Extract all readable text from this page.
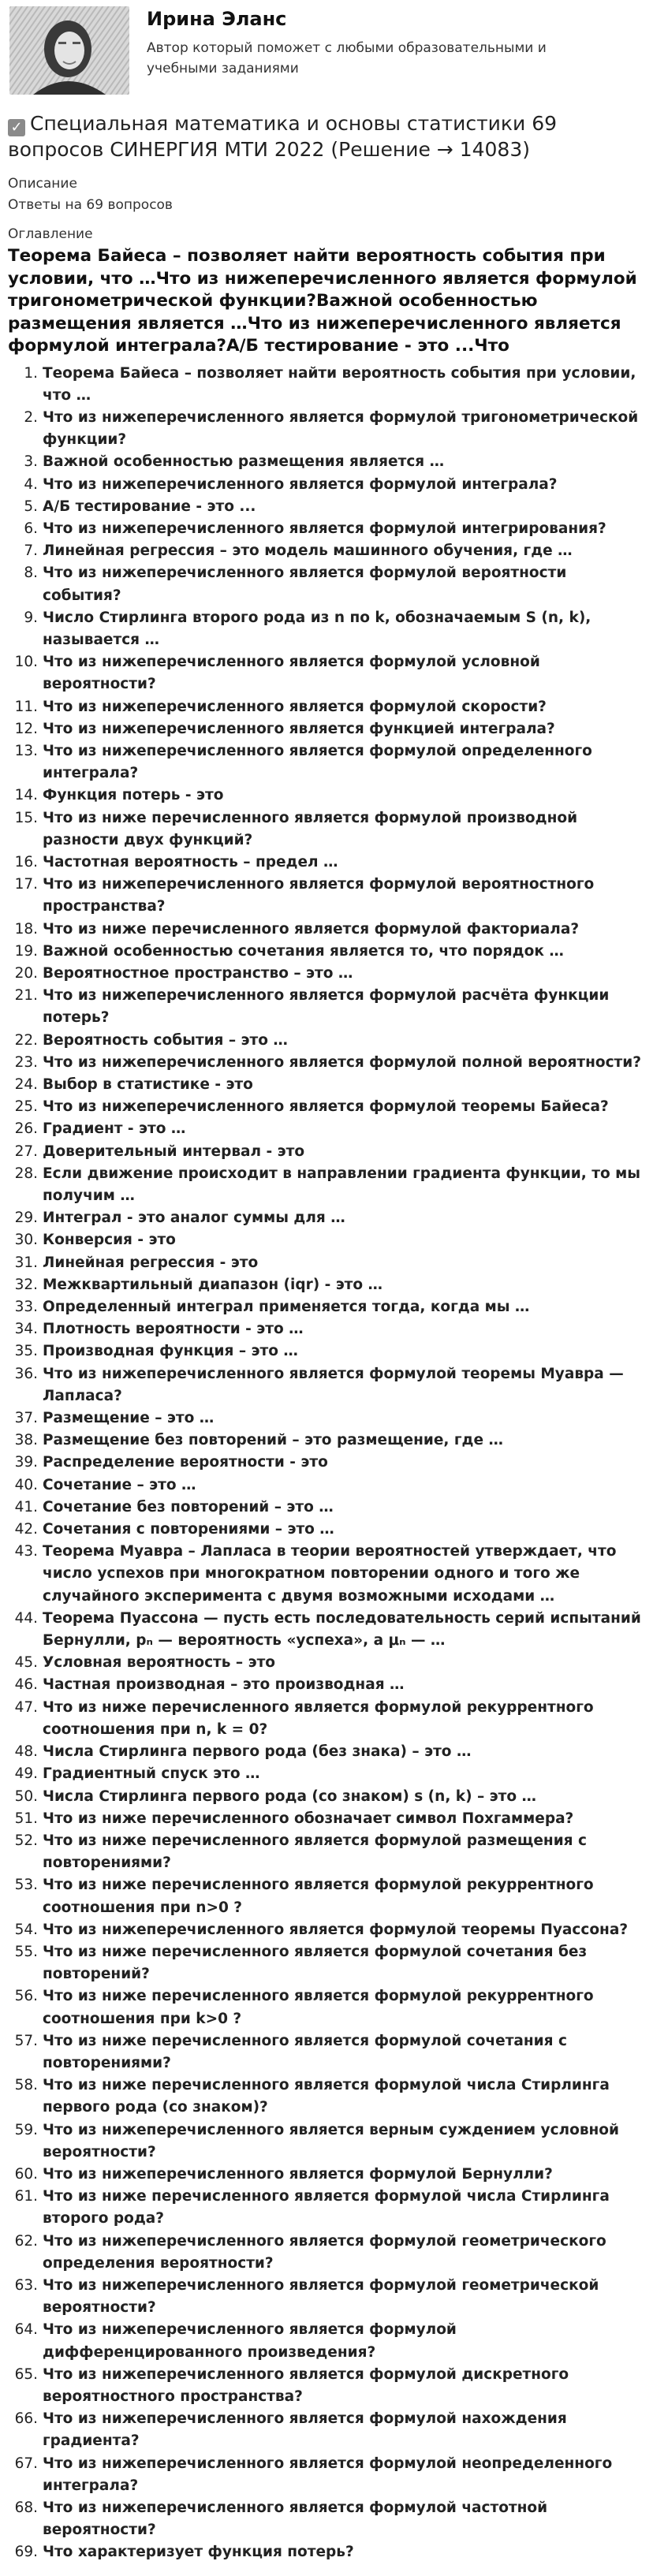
Ирина Эланс
Автор который поможет с любыми образовательными и учебными заданиями
✓ Специальная математика и основы статистики 69 вопросов СИНЕРГИЯ МТИ 2022 (Решение → 14083)
Описание
Ответы на 69 вопросов
Оглавление
Теорема Байеса – позволяет найти вероятность события при условии, что …Что из нижеперечисленного является формулой тригонометрической функции?Важной особенностью размещения является …Что из нижеперечисленного является формулой интеграла?А/Б тестирование - это ...Что
1. Теорема Байеса – позволяет найти вероятность события при условии, что …
2. Что из нижеперечисленного является формулой тригонометрической функции?
3. Важной особенностью размещения является …
4. Что из нижеперечисленного является формулой интеграла?
5. А/Б тестирование - это ...
6. Что из нижеперечисленного является формулой интегрирования?
7. Линейная регрессия – это модель машинного обучения, где …
8. Что из нижеперечисленного является формулой вероятности события?
9. Число Стирлинга второго рода из n по k, обозначаемым S (n, k), называется …
10. Что из нижеперечисленного является формулой условной вероятности?
11. Что из нижеперечисленного является формулой скорости?
12. Что из нижеперечисленного является функцией интеграла?
13. Что из нижеперечисленного является формулой определенного интеграла?
14. Функция потерь - это
15. Что из ниже перечисленного является формулой производной разности двух функций?
16. Частотная вероятность – предел …
17. Что из нижеперечисленного является формулой вероятностного пространства?
18. Что из ниже перечисленного является формулой факториала?
19. Важной особенностью сочетания является то, что порядок …
20. Вероятностное пространство – это …
21. Что из нижеперечисленного является формулой расчёта функции потерь?
22. Вероятность события – это …
23. Что из нижеперечисленного является формулой полной вероятности?
24. Выбор в статистике - это
25. Что из нижеперечисленного является формулой теоремы Байеса?
26. Градиент - это …
27. Доверительный интервал - это
28. Если движение происходит в направлении градиента функции, то мы получим …
29. Интеграл - это аналог суммы для …
30. Конверсия - это
31. Линейная регрессия - это
32. Межквартильный диапазон (iqr) - это …
33. Определенный интеграл применяется тогда, когда мы …
34. Плотность вероятности - это …
35. Производная функция – это …
36. Что из нижеперечисленного является формулой теоремы Муавра — Лапласа?
37. Размещение – это …
38. Размещение без повторений – это размещение, где …
39. Распределение вероятности - это
40. Сочетание – это …
41. Сочетание без повторений – это …
42. Сочетания с повторениями – это …
43. Теорема Муавра – Лапласа в теории вероятностей утверждает, что число успехов при многократном повторении одного и того же случайного эксперимента с двумя возможными исходами …
44. Теорема Пуассона — пусть есть последовательность серий испытаний Бернулли, pₙ — вероятность «успеха», а μₙ — …
45. Условная вероятность – это
46. Частная производная – это производная …
47. Что из ниже перечисленного является формулой рекуррентного соотношения при n, k = 0?
48. Числа Стирлинга первого рода (без знака) – это …
49. Градиентный спуск это …
50. Числа Стирлинга первого рода (со знаком) s (n, k) – это …
51. Что из ниже перечисленного обозначает символ Похгаммера?
52. Что из ниже перечисленного является формулой размещения с повторениями?
53. Что из ниже перечисленного является формулой рекуррентного соотношения при n>0 ?
54. Что из нижеперечисленного является формулой теоремы Пуассона?
55. Что из ниже перечисленного является формулой сочетания без повторений?
56. Что из ниже перечисленного является формулой рекуррентного соотношения при k>0 ?
57. Что из ниже перечисленного является формулой сочетания с повторениями?
58. Что из ниже перечисленного является формулой числа Стирлинга первого рода (со знаком)?
59. Что из нижеперечисленного является верным суждением условной вероятности?
60. Что из нижеперечисленного является формулой Бернулли?
61. Что из ниже перечисленного является формулой числа Стирлинга второго рода?
62. Что из нижеперечисленного является формулой геометрического определения вероятности?
63. Что из нижеперечисленного является формулой геометрической вероятности?
64. Что из нижеперечисленного является формулой дифференцированного произведения?
65. Что из нижеперечисленного является формулой дискретного вероятностного пространства?
66. Что из нижеперечисленного является формулой нахождения градиента?
67. Что из нижеперечисленного является формулой неопределенного интеграла?
68. Что из нижеперечисленного является формулой частотной вероятности?
69. Что характеризует функция потерь?
